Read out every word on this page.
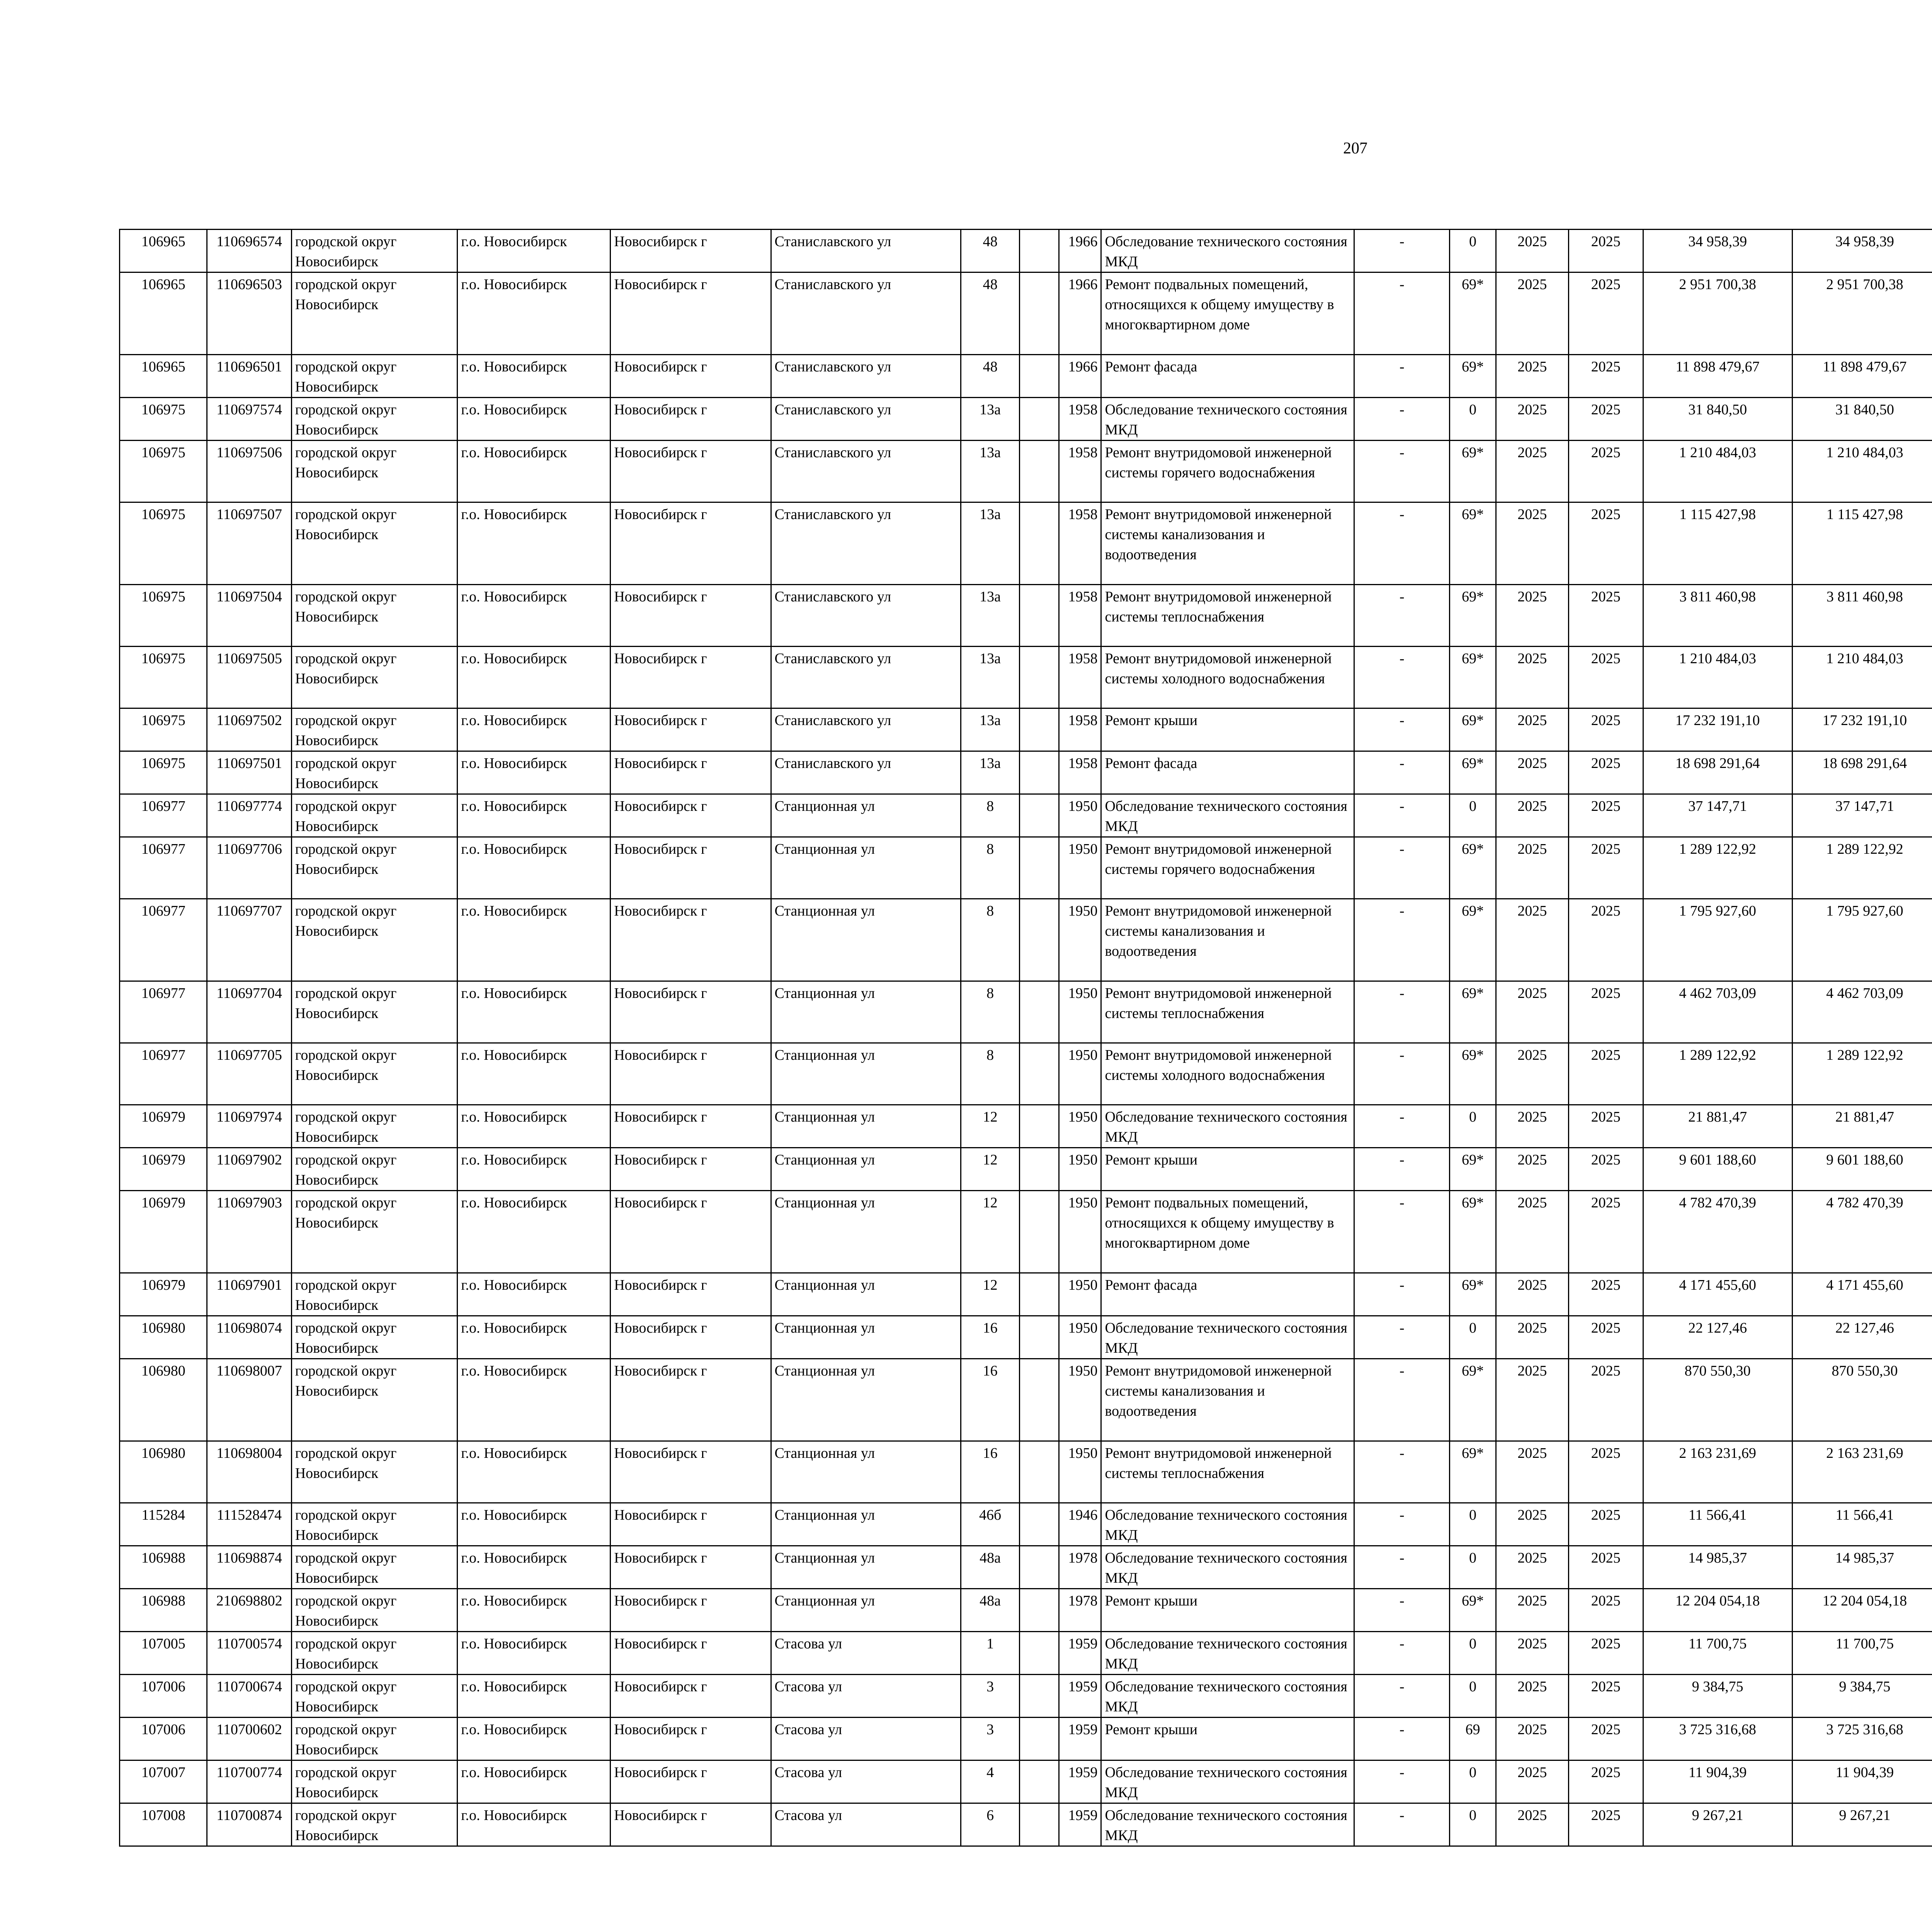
207
106965	110696574	городской округ Новосибирск	г.о. Новосибирск	Новосибирск г	Станиславского ул	48		1966	Обследование технического состояния МКД	-	0	2025	2025	34 958,39	34 958,39						
106965	110696503	городской округ Новосибирск	г.о. Новосибирск	Новосибирск г	Станиславского ул	48		1966	Ремонт подвальных помещений, относящихся к общему имуществу в многоквартирном доме	-	69*	2025	2025	2 951 700,38	2 951 700,38						
106965	110696501	городской округ Новосибирск	г.о. Новосибирск	Новосибирск г	Станиславского ул	48		1966	Ремонт фасада	-	69*	2025	2025	11 898 479,67	11 898 479,67						
106975	110697574	городской округ Новосибирск	г.о. Новосибирск	Новосибирск г	Станиславского ул	13а		1958	Обследование технического состояния МКД	-	0	2025	2025	31 840,50	31 840,50						
106975	110697506	городской округ Новосибирск	г.о. Новосибирск	Новосибирск г	Станиславского ул	13а		1958	Ремонт внутридомовой инженерной системы горячего водоснабжения	-	69*	2025	2025	1 210 484,03	1 210 484,03						
106975	110697507	городской округ Новосибирск	г.о. Новосибирск	Новосибирск г	Станиславского ул	13а		1958	Ремонт внутридомовой инженерной системы канализования и водоотведения	-	69*	2025	2025	1 115 427,98	1 115 427,98						
106975	110697504	городской округ Новосибирск	г.о. Новосибирск	Новосибирск г	Станиславского ул	13а		1958	Ремонт внутридомовой инженерной системы теплоснабжения	-	69*	2025	2025	3 811 460,98	3 811 460,98						
106975	110697505	городской округ Новосибирск	г.о. Новосибирск	Новосибирск г	Станиславского ул	13а		1958	Ремонт внутридомовой инженерной системы холодного водоснабжения	-	69*	2025	2025	1 210 484,03	1 210 484,03						
106975	110697502	городской округ Новосибирск	г.о. Новосибирск	Новосибирск г	Станиславского ул	13а		1958	Ремонт крыши	-	69*	2025	2025	17 232 191,10	17 232 191,10						
106975	110697501	городской округ Новосибирск	г.о. Новосибирск	Новосибирск г	Станиславского ул	13а		1958	Ремонт фасада	-	69*	2025	2025	18 698 291,64	18 698 291,64						
106977	110697774	городской округ Новосибирск	г.о. Новосибирск	Новосибирск г	Станционная ул	8		1950	Обследование технического состояния МКД	-	0	2025	2025	37 147,71	37 147,71						
106977	110697706	городской округ Новосибирск	г.о. Новосибирск	Новосибирск г	Станционная ул	8		1950	Ремонт внутридомовой инженерной системы горячего водоснабжения	-	69*	2025	2025	1 289 122,92	1 289 122,92						
106977	110697707	городской округ Новосибирск	г.о. Новосибирск	Новосибирск г	Станционная ул	8		1950	Ремонт внутридомовой инженерной системы канализования и водоотведения	-	69*	2025	2025	1 795 927,60	1 795 927,60						
106977	110697704	городской округ Новосибирск	г.о. Новосибирск	Новосибирск г	Станционная ул	8		1950	Ремонт внутридомовой инженерной системы теплоснабжения	-	69*	2025	2025	4 462 703,09	4 462 703,09						
106977	110697705	городской округ Новосибирск	г.о. Новосибирск	Новосибирск г	Станционная ул	8		1950	Ремонт внутридомовой инженерной системы холодного водоснабжения	-	69*	2025	2025	1 289 122,92	1 289 122,92						
106979	110697974	городской округ Новосибирск	г.о. Новосибирск	Новосибирск г	Станционная ул	12		1950	Обследование технического состояния МКД	-	0	2025	2025	21 881,47	21 881,47						
106979	110697902	городской округ Новосибирск	г.о. Новосибирск	Новосибирск г	Станционная ул	12		1950	Ремонт крыши	-	69*	2025	2025	9 601 188,60	9 601 188,60						
106979	110697903	городской округ Новосибирск	г.о. Новосибирск	Новосибирск г	Станционная ул	12		1950	Ремонт подвальных помещений, относящихся к общему имуществу в многоквартирном доме	-	69*	2025	2025	4 782 470,39	4 782 470,39						
106979	110697901	городской округ Новосибирск	г.о. Новосибирск	Новосибирск г	Станционная ул	12		1950	Ремонт фасада	-	69*	2025	2025	4 171 455,60	4 171 455,60						
106980	110698074	городской округ Новосибирск	г.о. Новосибирск	Новосибирск г	Станционная ул	16		1950	Обследование технического состояния МКД	-	0	2025	2025	22 127,46	22 127,46						
106980	110698007	городской округ Новосибирск	г.о. Новосибирск	Новосибирск г	Станционная ул	16		1950	Ремонт внутридомовой инженерной системы канализования и водоотведения	-	69*	2025	2025	870 550,30	870 550,30						
106980	110698004	городской округ Новосибирск	г.о. Новосибирск	Новосибирск г	Станционная ул	16		1950	Ремонт внутридомовой инженерной системы теплоснабжения	-	69*	2025	2025	2 163 231,69	2 163 231,69						
115284	111528474	городской округ Новосибирск	г.о. Новосибирск	Новосибирск г	Станционная ул	46б		1946	Обследование технического состояния МКД	-	0	2025	2025	11 566,41	11 566,41						
106988	110698874	городской округ Новосибирск	г.о. Новосибирск	Новосибирск г	Станционная ул	48а		1978	Обследование технического состояния МКД	-	0	2025	2025	14 985,37	14 985,37						
106988	210698802	городской округ Новосибирск	г.о. Новосибирск	Новосибирск г	Станционная ул	48а		1978	Ремонт крыши	-	69*	2025	2025	12 204 054,18	12 204 054,18						
107005	110700574	городской округ Новосибирск	г.о. Новосибирск	Новосибирск г	Стасова ул	1		1959	Обследование технического состояния МКД	-	0	2025	2025	11 700,75	11 700,75						
107006	110700674	городской округ Новосибирск	г.о. Новосибирск	Новосибирск г	Стасова ул	3		1959	Обследование технического состояния МКД	-	0	2025	2025	9 384,75	9 384,75						
107006	110700602	городской округ Новосибирск	г.о. Новосибирск	Новосибирск г	Стасова ул	3		1959	Ремонт крыши	-	69	2025	2025	3 725 316,68	3 725 316,68						
107007	110700774	городской округ Новосибирск	г.о. Новосибирск	Новосибирск г	Стасова ул	4		1959	Обследование технического состояния МКД	-	0	2025	2025	11 904,39	11 904,39						
107008	110700874	городской округ Новосибирск	г.о. Новосибирск	Новосибирск г	Стасова ул	6		1959	Обследование технического состояния МКД	-	0	2025	2025	9 267,21	9 267,21						
